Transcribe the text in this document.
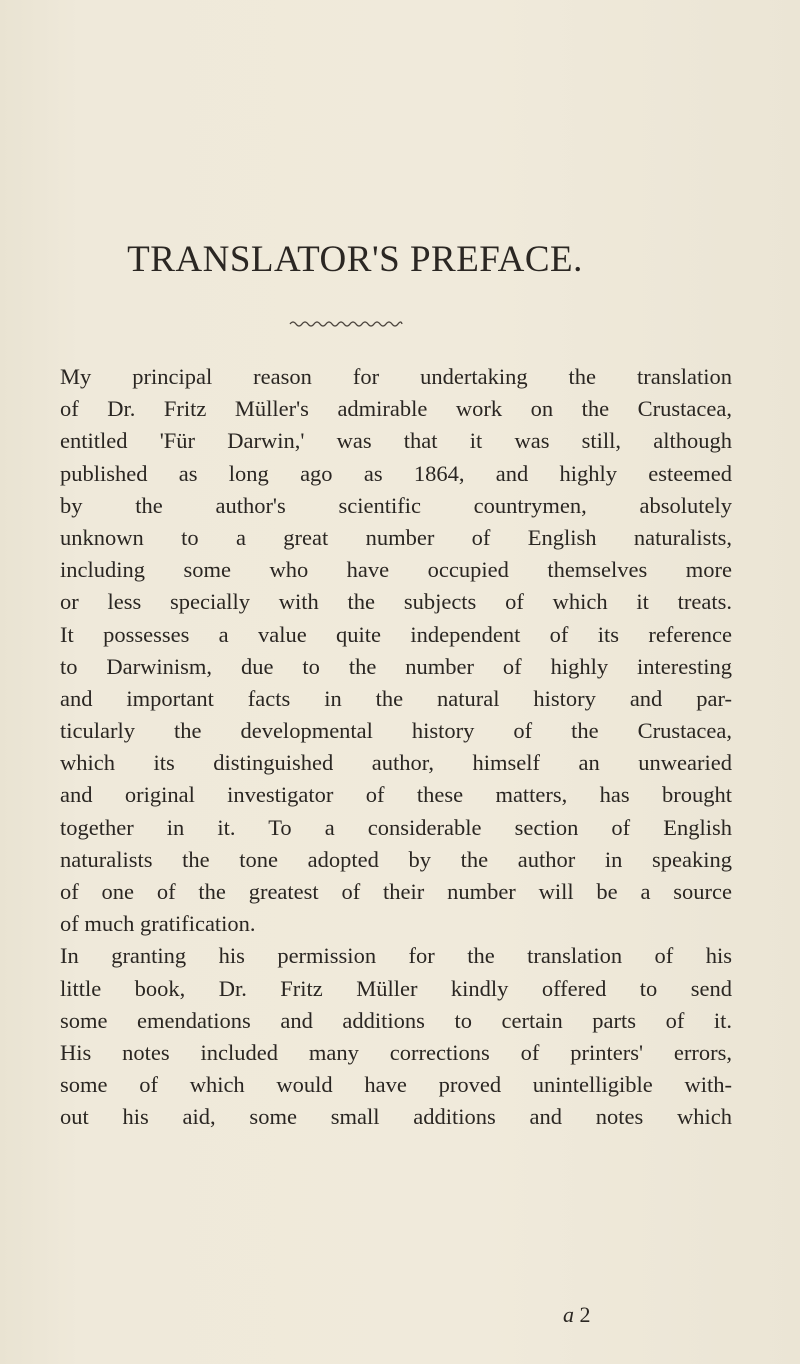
TRANSLATOR'S PREFACE.
My principal reason for undertaking the translation
of Dr. Fritz Müller's admirable work on the Crustacea,
entitled 'Für Darwin,' was that it was still, although
published as long ago as 1864, and highly esteemed
by the author's scientific countrymen, absolutely
unknown to a great number of English naturalists,
including some who have occupied themselves more
or less specially with the subjects of which it treats.
It possesses a value quite independent of its reference
to Darwinism, due to the number of highly interesting
and important facts in the natural history and par-
ticularly the developmental history of the Crustacea,
which its distinguished author, himself an unwearied
and original investigator of these matters, has brought
together in it. To a considerable section of English
naturalists the tone adopted by the author in speaking
of one of the greatest of their number will be a source
of much gratification.
In granting his permission for the translation of his
little book, Dr. Fritz Müller kindly offered to send
some emendations and additions to certain parts of it.
His notes included many corrections of printers' errors,
some of which would have proved unintelligible with-
out his aid, some small additions and notes which
a 2
